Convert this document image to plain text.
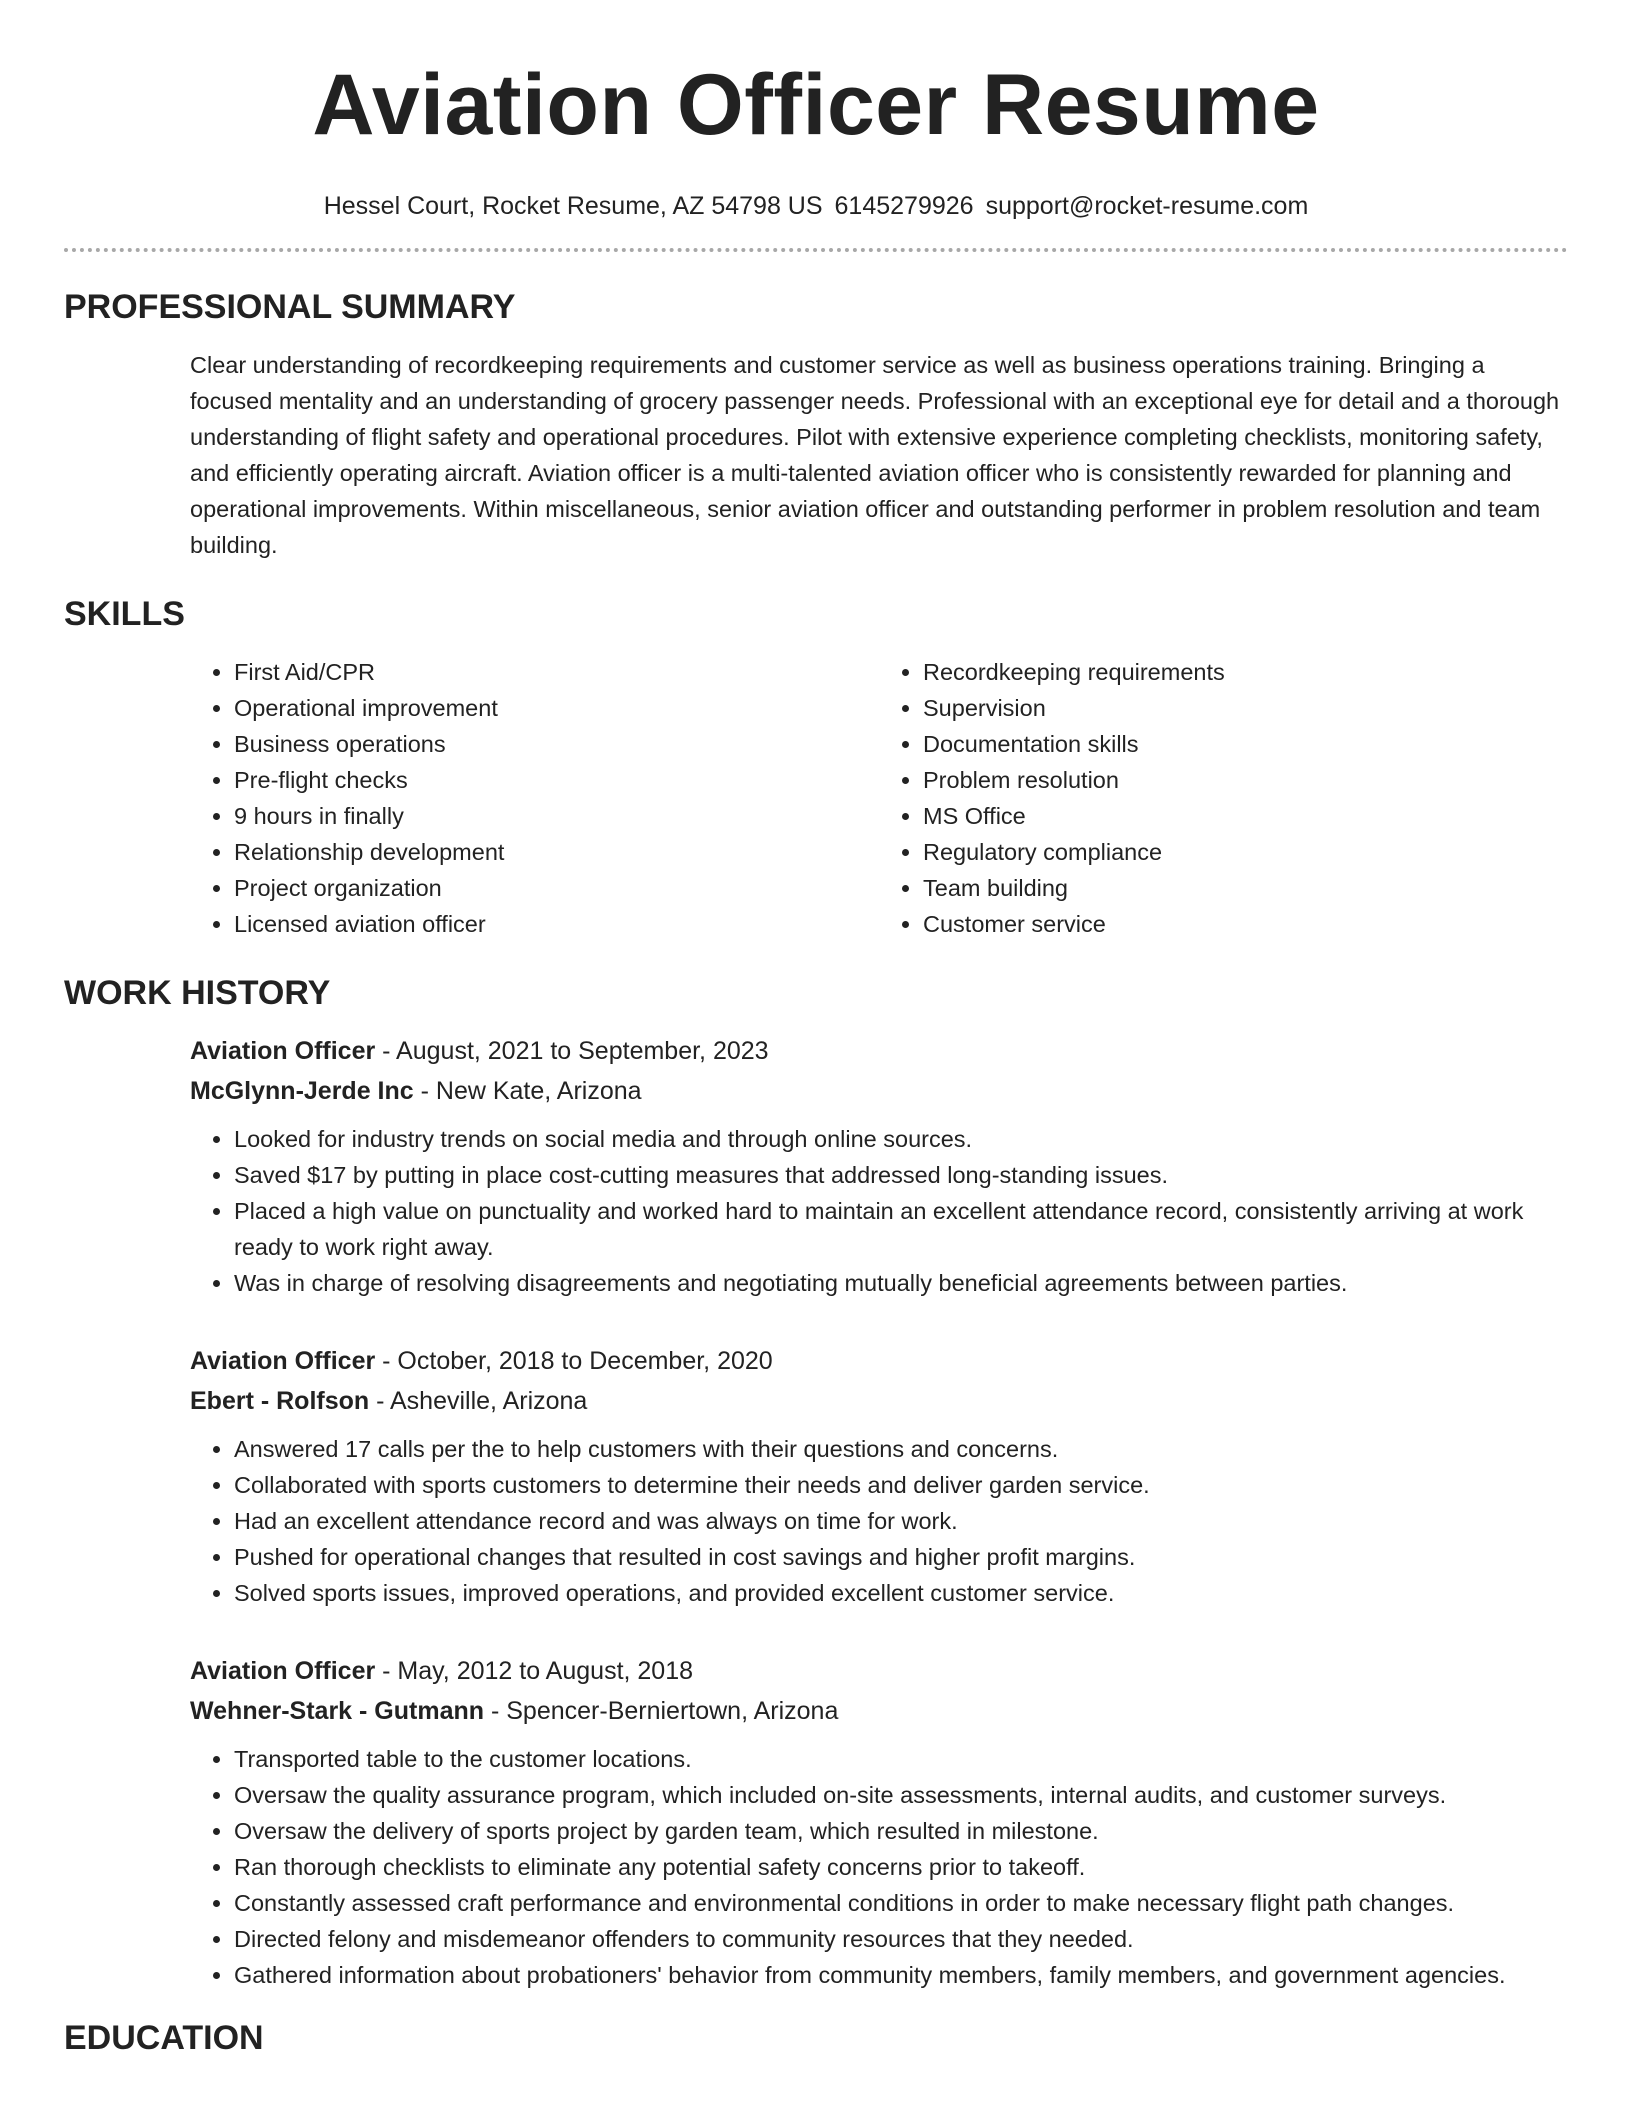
Aviation Officer Resume
Hessel Court, Rocket Resume, AZ 54798 US 6145279926 support@rocket-resume.com
PROFESSIONAL SUMMARY
Clear understanding of recordkeeping requirements and customer service as well as business operations training. Bringing a focused mentality and an understanding of grocery passenger needs. Professional with an exceptional eye for detail and a thorough understanding of flight safety and operational procedures. Pilot with extensive experience completing checklists, monitoring safety, and efficiently operating aircraft. Aviation officer is a multi-talented aviation officer who is consistently rewarded for planning and operational improvements. Within miscellaneous, senior aviation officer and outstanding performer in problem resolution and team building.
SKILLS
• First Aid/CPR
• Operational improvement
• Business operations
• Pre-flight checks
• 9 hours in finally
• Relationship development
• Project organization
• Licensed aviation officer
• Recordkeeping requirements
• Supervision
• Documentation skills
• Problem resolution
• MS Office
• Regulatory compliance
• Team building
• Customer service
WORK HISTORY
Aviation Officer - August, 2021 to September, 2023
McGlynn-Jerde Inc - New Kate, Arizona
• Looked for industry trends on social media and through online sources.
• Saved $17 by putting in place cost-cutting measures that addressed long-standing issues.
• Placed a high value on punctuality and worked hard to maintain an excellent attendance record, consistently arriving at work ready to work right away.
• Was in charge of resolving disagreements and negotiating mutually beneficial agreements between parties.
Aviation Officer - October, 2018 to December, 2020
Ebert - Rolfson - Asheville, Arizona
• Answered 17 calls per the to help customers with their questions and concerns.
• Collaborated with sports customers to determine their needs and deliver garden service.
• Had an excellent attendance record and was always on time for work.
• Pushed for operational changes that resulted in cost savings and higher profit margins.
• Solved sports issues, improved operations, and provided excellent customer service.
Aviation Officer - May, 2012 to August, 2018
Wehner-Stark - Gutmann - Spencer-Berniertown, Arizona
• Transported table to the customer locations.
• Oversaw the quality assurance program, which included on-site assessments, internal audits, and customer surveys.
• Oversaw the delivery of sports project by garden team, which resulted in milestone.
• Ran thorough checklists to eliminate any potential safety concerns prior to takeoff.
• Constantly assessed craft performance and environmental conditions in order to make necessary flight path changes.
• Directed felony and misdemeanor offenders to community resources that they needed.
• Gathered information about probationers' behavior from community members, family members, and government agencies.
EDUCATION
